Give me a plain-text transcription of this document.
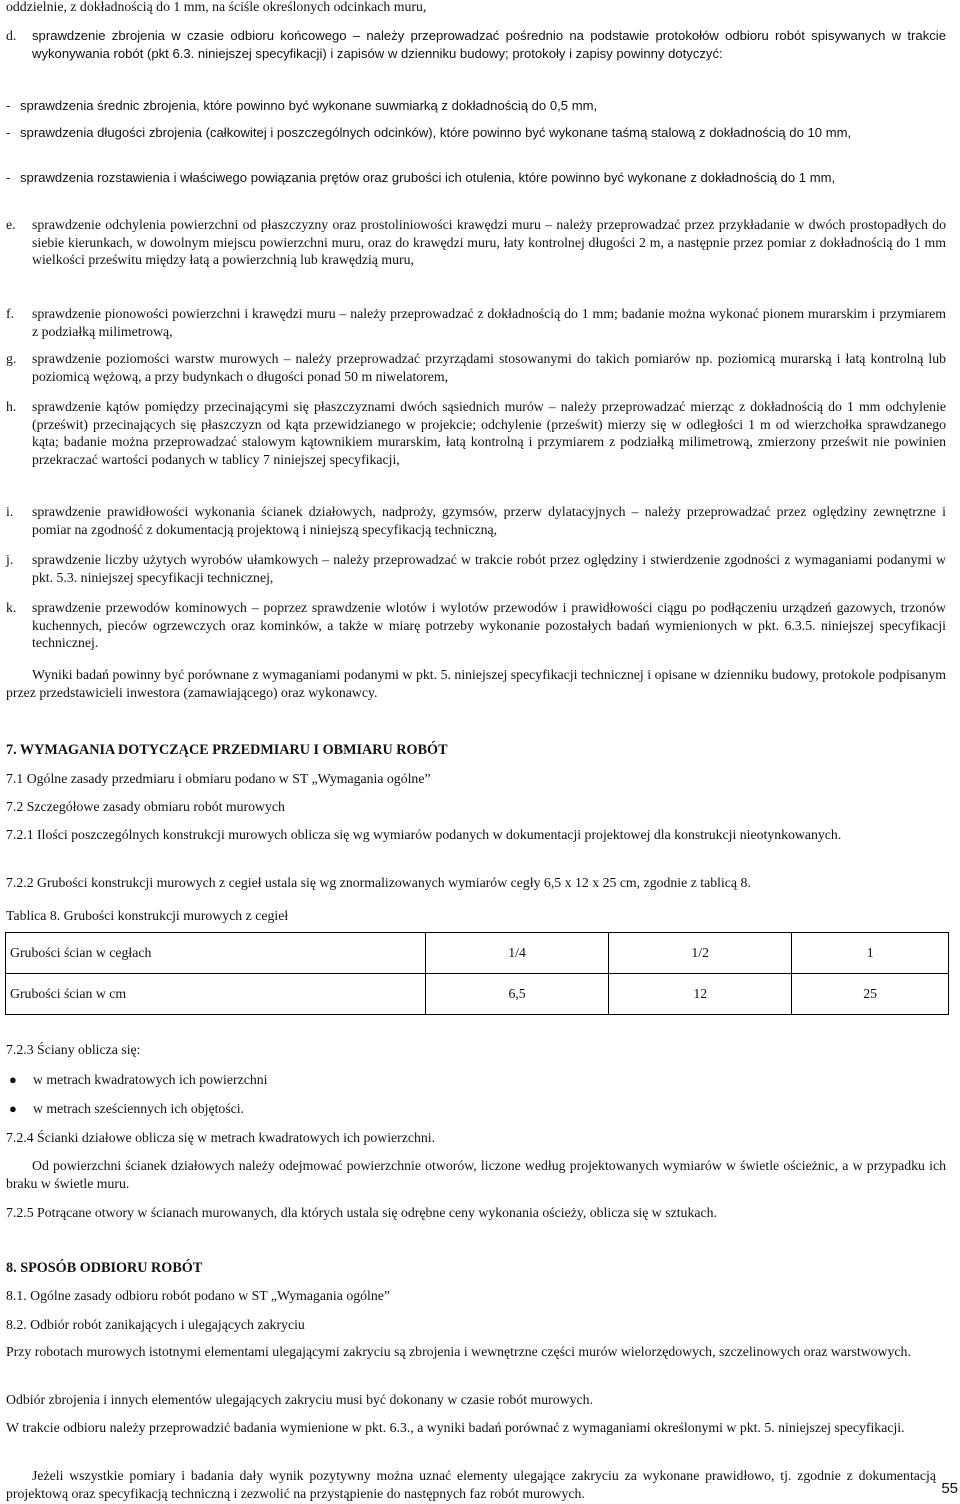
oddzielnie, z dokładnością do 1 mm, na ściśle określonych odcinkach muru,

d. sprawdzenie zbrojenia w czasie odbioru końcowego – należy przeprowadzać pośrednio na podstawie protokołów odbioru robót spisywanych w trakcie wykonywania robót (pkt 6.3. niniejszej specyfikacji) i zapisów w dzienniku budowy; protokoły i zapisy powinny dotyczyć:
- sprawdzenia średnic zbrojenia, które powinno być wykonane suwmiarką z dokładnością do 0,5 mm,
- sprawdzenia długości zbrojenia (całkowitej i poszczególnych odcinków), które powinno być wykonane taśmą stalową z dokładnością do 10 mm,
- sprawdzenia rozstawienia i właściwego powiązania prętów oraz grubości ich otulenia, które powinno być wykonane z dokładnością do 1 mm,
e. sprawdzenie odchylenia powierzchni od płaszczyzny oraz prostoliniowości krawędzi muru – należy przeprowadzać przez przykładanie w dwóch prostopadłych do siebie kierunkach, w dowolnym miejscu powierzchni muru, oraz do krawędzi muru, łaty kontrolnej długości 2 m, a następnie przez pomiar z dokładnością do 1 mm wielkości prześwitu między łatą a powierzchnią lub krawędzią muru,
f. sprawdzenie pionowości powierzchni i krawędzi muru – należy przeprowadzać z dokładnością do 1 mm; badanie można wykonać pionem murarskim i przymiarem z podziałką milimetrową,
g. sprawdzenie poziomości warstw murowych – należy przeprowadzać przyrządami stosowanymi do takich pomiarów np. poziomicą murarską i łatą kontrolną lub poziomicą wężową, a przy budynkach o długości ponad 50 m niwelatorem,
h. sprawdzenie kątów pomiędzy przecinającymi się płaszczyznami dwóch sąsiednich murów – należy przeprowadzać mierząc z dokładnością do 1 mm odchylenie (prześwit) przecinających się płaszczyzn od kąta przewidzianego w projekcie; odchylenie (prześwit) mierzy się w odległości 1 m od wierzchołka sprawdzanego kąta; badanie można przeprowadzać stalowym kątownikiem murarskim, łatą kontrolną i przymiarem z podziałką milimetrową, zmierzony prześwit nie powinien przekraczać wartości podanych w tablicy 7 niniejszej specyfikacji,
i. sprawdzenie prawidłowości wykonania ścianek działowych, nadproży, gzymsów, przerw dylatacyjnych – należy przeprowadzać przez oględziny zewnętrzne i pomiar na zgodność z dokumentacją projektową i niniejszą specyfikacją techniczną,
j. sprawdzenie liczby użytych wyrobów ułamkowych – należy przeprowadzać w trakcie robót przez oględziny i stwierdzenie zgodności z wymaganiami podanymi w pkt. 5.3. niniejszej specyfikacji technicznej,
k. sprawdzenie przewodów kominowych – poprzez sprawdzenie wlotów i wylotów przewodów i prawidłowości ciągu po podłączeniu urządzeń gazowych, trzonów kuchennych, pieców ogrzewczych oraz kominków, a także w miarę potrzeby wykonanie pozostałych badań wymienionych w pkt. 6.3.5. niniejszej specyfikacji technicznej.

Wyniki badań powinny być porównane z wymaganiami podanymi w pkt. 5. niniejszej specyfikacji technicznej i opisane w dzienniku budowy, protokole podpisanym przez przedstawicieli inwestora (zamawiającego) oraz wykonawcy.

7. WYMAGANIA DOTYCZĄCE PRZEDMIARU I OBMIARU ROBÓT

7.1 Ogólne zasady przedmiaru i obmiaru podano w ST „Wymagania ogólne”

7.2 Szczegółowe zasady obmiaru robót murowych

7.2.1 Ilości poszczególnych konstrukcji murowych oblicza się wg wymiarów podanych w dokumentacji projektowej dla konstrukcji nieotynkowanych.

7.2.2 Grubości konstrukcji murowych z cegieł ustala się wg znormalizowanych wymiarów cegły 6,5 x 12 x 25 cm, zgodnie z tablicą 8.

Tablica 8. Grubości konstrukcji murowych z cegieł

Grubości ścian w cegłach	1/4	1/2	1
Grubości ścian w cm	6,5	12	25

7.2.3 Ściany oblicza się:

● w metrach kwadratowych ich powierzchni

● w metrach sześciennych ich objętości.

7.2.4 Ścianki działowe oblicza się w metrach kwadratowych ich powierzchni.

Od powierzchni ścianek działowych należy odejmować powierzchnie otworów, liczone według projektowanych wymiarów w świetle ościeżnic, a w przypadku ich braku w świetle muru.

7.2.5 Potrącane otwory w ścianach murowanych, dla których ustala się odrębne ceny wykonania ościeży, oblicza się w sztukach.

8. SPOSÓB ODBIORU ROBÓT

8.1. Ogólne zasady odbioru robót podano w ST „Wymagania ogólne”

8.2. Odbiór robót zanikających i ulegających zakryciu

Przy robotach murowych istotnymi elementami ulegającymi zakryciu są zbrojenia i wewnętrzne części murów wielorzędowych, szczelinowych oraz warstwowych.

Odbiór zbrojenia i innych elementów ulegających zakryciu musi być dokonany w czasie robót murowych.

W trakcie odbioru należy przeprowadzić badania wymienione w pkt. 6.3., a wyniki badań porównać z wymaganiami określonymi w pkt. 5. niniejszej specyfikacji.

Jeżeli wszystkie pomiary i badania dały wynik pozytywny można uznać elementy ulegające zakryciu za wykonane prawidłowo, tj. zgodnie z dokumentacją projektową oraz specyfikacją techniczną i zezwolić na przystąpienie do następnych faz robót murowych.	55
